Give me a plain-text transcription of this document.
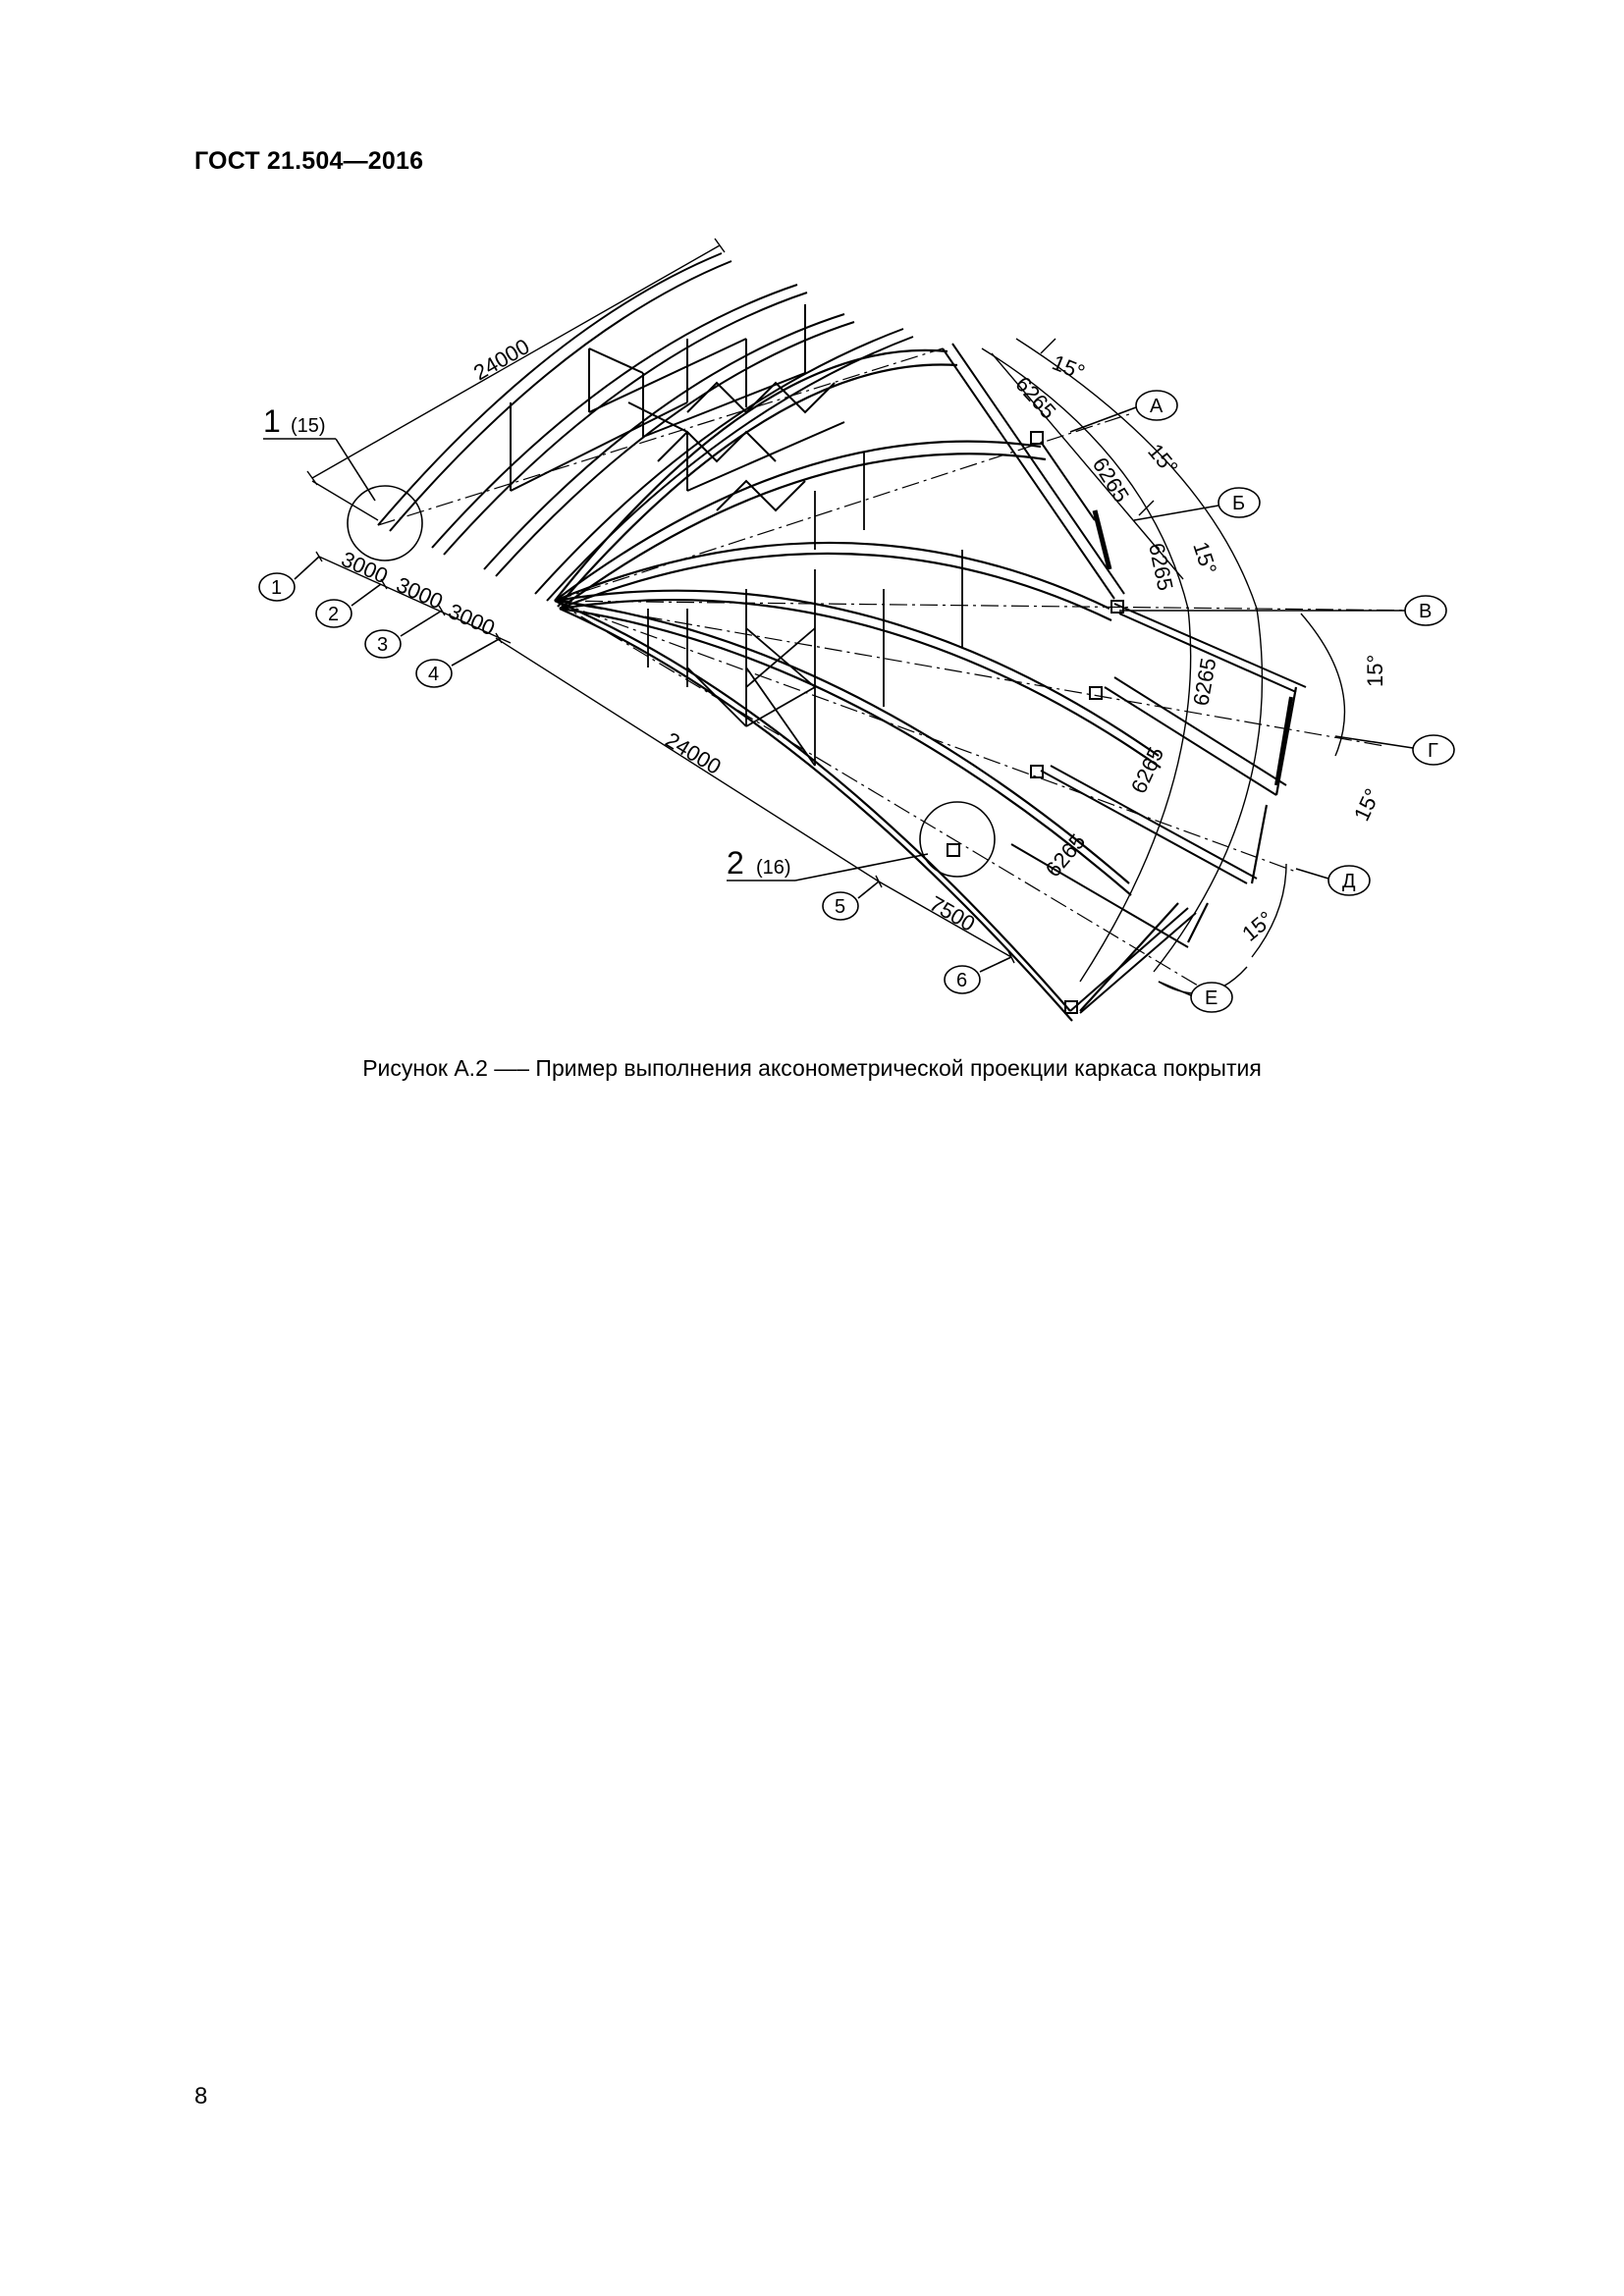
ГОСТ 21.504—2016
1
2
3
4
5
6
А
Б
В
Г
Д
Е
1 (15)
2 (16)
24000
3000
3000
3000
24000
7500
6265
6265
6265
6265
6265
6265
15°
15°
15°
15°
15°
15°
Рисунок А.2 —– Пример выполнения аксонометрической проекции каркаса покрытия
8
